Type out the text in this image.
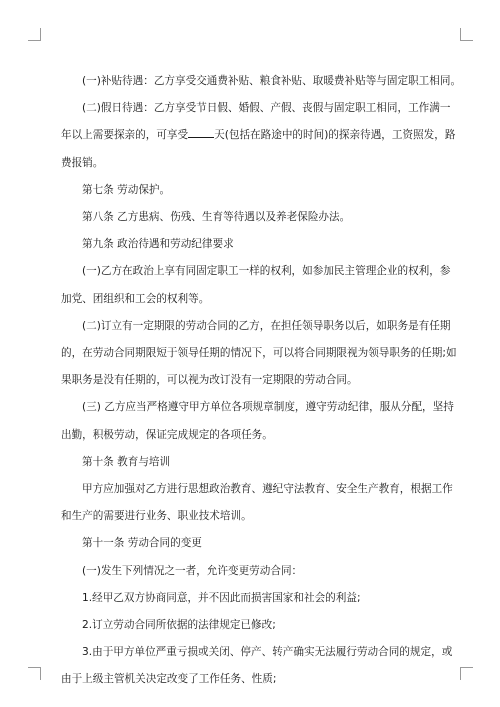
(一)补贴待遇：乙方享受交通费补贴、粮食补贴、取暖费补贴等与固定职工相同。

(二)假日待遇：乙方享受节日假、婚假、产假、丧假与固定职工相同，工作满一

年以上需要探亲的，可享受 天(包括在路途中的时间)的探亲待遇，工资照发，路

费报销。

第七条 劳动保护。

第八条 乙方患病、伤残、生育等待遇以及养老保险办法。

第九条 政治待遇和劳动纪律要求

(一)乙方在政治上享有同固定职工一样的权利，如参加民主管理企业的权利，参

加党、团组织和工会的权利等。

(二)订立有一定期限的劳动合同的乙方，在担任领导职务以后，如职务是有任期

的，在劳动合同期限短于领导任期的情况下，可以将合同期限视为领导职务的任期;如

果职务是没有任期的，可以视为改订没有一定期限的劳动合同。

(三) 乙方应当严格遵守甲方单位各项规章制度，遵守劳动纪律，服从分配，坚持

出勤，积极劳动，保证完成规定的各项任务。

第十条 教育与培训

甲方应加强对乙方进行思想政治教育、遵纪守法教育、安全生产教育，根据工作

和生产的需要进行业务、职业技术培训。

第十一条 劳动合同的变更

(一)发生下列情况之一者，允许变更劳动合同：

1.经甲乙双方协商同意，并不因此而损害国家和社会的利益;

2.订立劳动合同所依据的法律规定已修改;

3.由于甲方单位严重亏损或关闭、停产、转产确实无法履行劳动合同的规定，或

由于上级主管机关决定改变了工作任务、性质;
